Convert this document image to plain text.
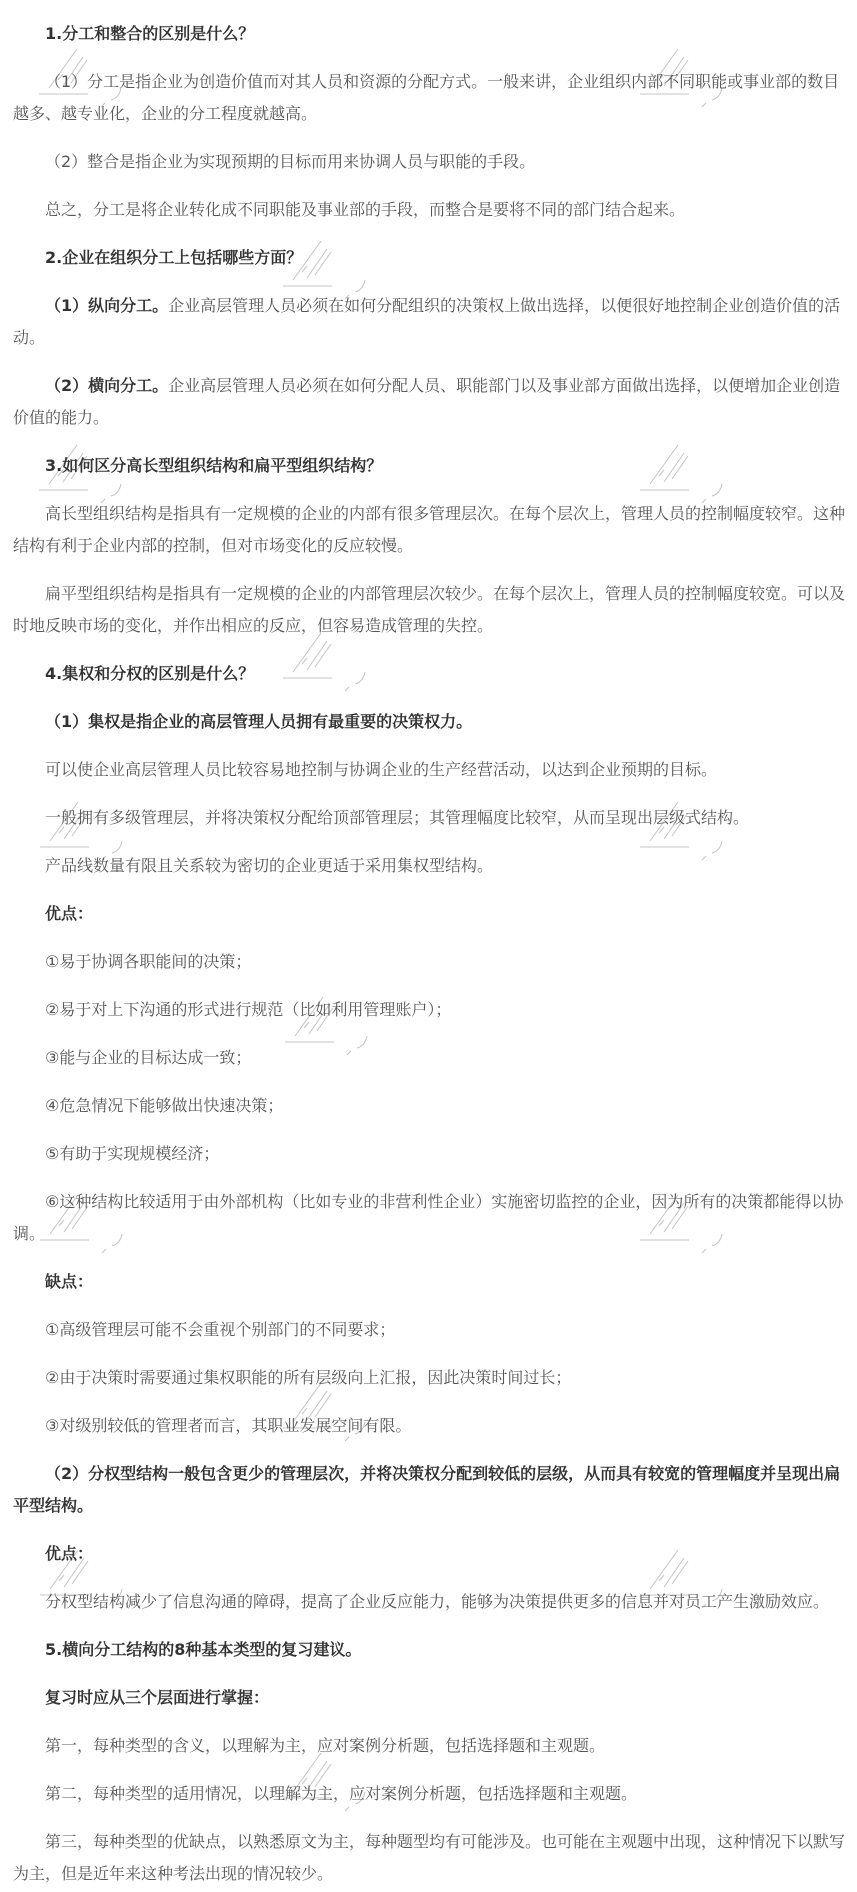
1.分工和整合的区别是什么？

（1）分工是指企业为创造价值而对其人员和资源的分配方式。一般来讲，企业组织内部不同职能或事业部的数目越多、越专业化，企业的分工程度就越高。

（2）整合是指企业为实现预期的目标而用来协调人员与职能的手段。

总之，分工是将企业转化成不同职能及事业部的手段，而整合是要将不同的部门结合起来。

2.企业在组织分工上包括哪些方面？

（1）纵向分工。企业高层管理人员必须在如何分配组织的决策权上做出选择，以便很好地控制企业创造价值的活动。

（2）横向分工。企业高层管理人员必须在如何分配人员、职能部门以及事业部方面做出选择，以便增加企业创造价值的能力。

3.如何区分高长型组织结构和扁平型组织结构？

高长型组织结构是指具有一定规模的企业的内部有很多管理层次。在每个层次上，管理人员的控制幅度较窄。这种结构有利于企业内部的控制，但对市场变化的反应较慢。

扁平型组织结构是指具有一定规模的企业的内部管理层次较少。在每个层次上，管理人员的控制幅度较宽。可以及时地反映市场的变化，并作出相应的反应，但容易造成管理的失控。

4.集权和分权的区别是什么？

（1）集权是指企业的高层管理人员拥有最重要的决策权力。

可以使企业高层管理人员比较容易地控制与协调企业的生产经营活动，以达到企业预期的目标。

一般拥有多级管理层，并将决策权分配给顶部管理层；其管理幅度比较窄，从而呈现出层级式结构。

产品线数量有限且关系较为密切的企业更适于采用集权型结构。

优点：

①易于协调各职能间的决策；

②易于对上下沟通的形式进行规范（比如利用管理账户）；

③能与企业的目标达成一致；

④危急情况下能够做出快速决策；

⑤有助于实现规模经济；

⑥这种结构比较适用于由外部机构（比如专业的非营利性企业）实施密切监控的企业，因为所有的决策都能得以协调。

缺点：

①高级管理层可能不会重视个别部门的不同要求；

②由于决策时需要通过集权职能的所有层级向上汇报，因此决策时间过长；

③对级别较低的管理者而言，其职业发展空间有限。

（2）分权型结构一般包含更少的管理层次，并将决策权分配到较低的层级，从而具有较宽的管理幅度并呈现出扁平型结构。

优点：

分权型结构减少了信息沟通的障碍，提高了企业反应能力，能够为决策提供更多的信息并对员工产生激励效应。

5.横向分工结构的8种基本类型的复习建议。

复习时应从三个层面进行掌握：

第一，每种类型的含义，以理解为主，应对案例分析题，包括选择题和主观题。

第二，每种类型的适用情况，以理解为主，应对案例分析题，包括选择题和主观题。

第三，每种类型的优缺点，以熟悉原文为主，每种题型均有可能涉及。也可能在主观题中出现，这种情况下以默写为主，但是近年来这种考法出现的情况较少。
